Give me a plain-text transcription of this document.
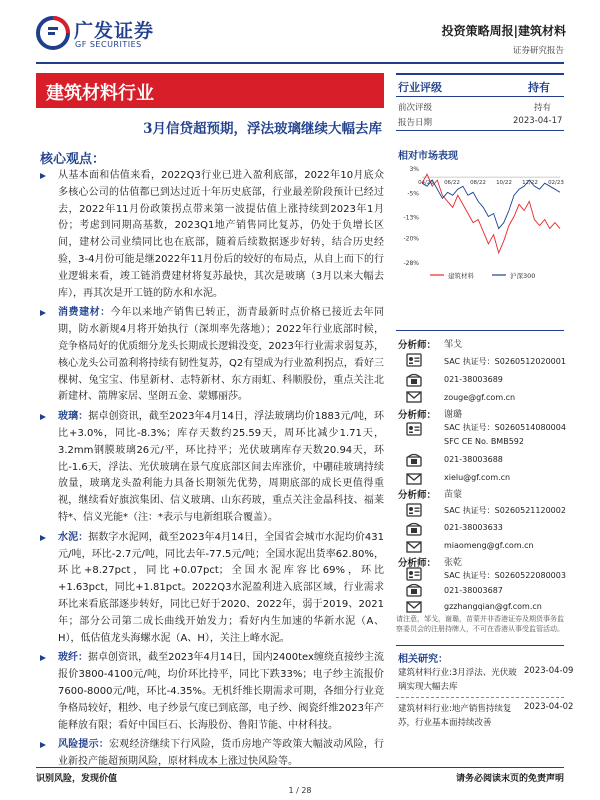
广发证券
GF SECURITIES
投资策略周报|建筑材料
证券研究报告
建筑材料行业
3月信贷超预期，浮法玻璃继续大幅去库
行业评级	持有
前次评级	持有
报告日期	2023-04-17
相对市场表现
3%
-5%
-13%
-20%
-28%
04/22 06/22 08/22 10/22 12/22 02/23
建筑材料	沪深300
核心观点：
从基本面和估值来看，2022Q3行业已进入盈利底部，2022年10月底众多核心公司的估值都已到达过近十年历史底部，行业最差阶段预计已经过去，2022年11月份政策拐点带来第一波提估值上涨持续到2023年1月份；考虑到同期高基数，2023Q1地产销售同比复苏，仍处于负增长区间，建材公司业绩同比也在底部，随着后续数据逐步好转，结合历史经验，3-4月份可能是继2022年11月份后的较好的布局点，从自上而下的行业逻辑来看，竣工链消费建材将复苏最快，其次是玻璃（3月以来大幅去库），再其次是开工链的防水和水泥。
消费建材：今年以来地产销售已转正，沥青最新时点价格已接近去年同期，防水新规4月将开始执行（深圳率先落地）；2022年行业底部时候，竞争格局好的优质细分龙头长期成长逻辑没变，2023年行业需求弱复苏，核心龙头公司盈利将持续有韧性复苏，Q2有望成为行业盈利拐点，看好三棵树、兔宝宝、伟星新材、志特新材、东方雨虹、科顺股份，重点关注北新建材、箭牌家居、坚朗五金、蒙娜丽莎。
玻璃：据卓创资讯，截至2023年4月14日，浮法玻璃均价1883元/吨，环比+3.0%，同比-8.3%；库存天数约25.59天，周环比减少1.71天，3.2mm钢膜玻璃26元/平，环比持平；光伏玻璃库存天数20.94天，环比-1.6天，浮法、光伏玻璃在景气度底部区间去库涨价，中硼硅玻璃持续放量，玻璃龙头盈利能力具备长期领先优势，周期底部的成长更值得重视，继续看好旗滨集团、信义玻璃、山东药玻，重点关注金晶科技、福莱特*、信义光能*（注：*表示与电新组联合覆盖）。
水泥：据数字水泥网，截至2023年4月14日，全国省会城市水泥均价431元/吨，环比-2.7元/吨，同比去年-77.5元/吨；全国水泥出货率62.80%，环比+8.27pct，同比+0.07pct；全国水泥库容比69%，环比+1.63pct，同比+1.81pct。2022Q3水泥盈利进入底部区域，行业需求环比来看底部逐步转好，同比已好于2020、2022年，弱于2019、2021年；部分公司第二成长曲线开始发力；看好内生加速的华新水泥（A、H），低估值龙头海螺水泥（A、H），关注上峰水泥。
玻纤：据卓创资讯，截至2023年4月14日，国内2400tex缠绕直接纱主流报价3800-4100元/吨，均价环比持平，同比下跌33%；电子纱主流报价7600-8000元/吨，环比-4.35%。无机纤维长期需求可期，各细分行业竞争格局较好，粗纱、电子纱景气度已到底部，电子纱、阀瓷纤维2023年产能释放有限；看好中国巨石、长海股份、鲁阳节能、中材科技。
风险提示：宏观经济继续下行风险，货币房地产等政策大幅波动风险，行业新投产能超预期风险，原材料成本上涨过快风险等。
分析师： 邹戈
SAC 执证号：S0260512020001
021-38003689
zouge@gf.com.cn
分析师： 谢璐
SAC 执证号：S0260514080004
SFC CE No. BMB592
021-38003688
xielu@gf.com.cn
分析师： 苗蒙
SAC 执证号：S0260521120002
021-38003633
miaomeng@gf.com.cn
分析师： 张乾
SAC 执证号：S0260522080003
021-38003687
gzzhangqian@gf.com.cn
请注意，邹戈，谢璐，苗蒙并非香港证券及期货事务监察委员会的注册持牌人，不可在香港从事受监管活动。
相关研究：
建筑材料行业:3月浮法、光伏玻璃实现大幅去库
2023-04-09
建筑材料行业:地产销售持续复苏，行业基本面持续改善
2023-04-02
识别风险，发现价值	请务必阅读末页的免责声明
1 / 28
